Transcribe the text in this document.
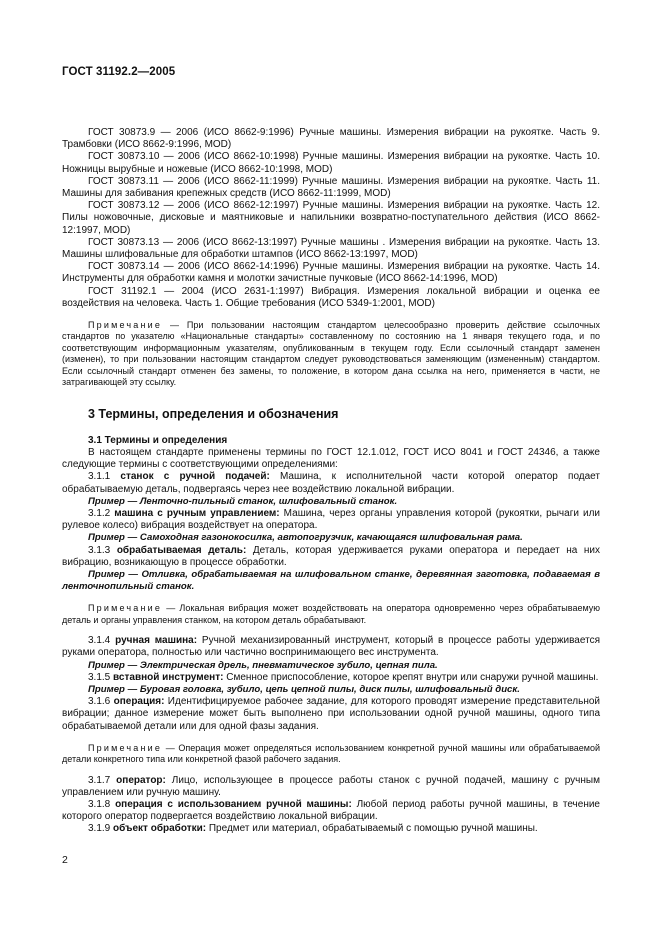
ГОСТ 31192.2—2005

ГОСТ 30873.9 — 2006 (ИСО 8662-9:1996) Ручные машины. Измерения вибрации на рукоятке. Часть 9. Трамбовки (ИСО 8662-9:1996, MOD)

ГОСТ 30873.10 — 2006 (ИСО 8662-10:1998) Ручные машины. Измерения вибрации на рукоятке. Часть 10. Ножницы вырубные и ножевые (ИСО 8662-10:1998, MOD)

ГОСТ 30873.11 — 2006 (ИСО 8662-11:1999) Ручные машины. Измерения вибрации на рукоятке. Часть 11. Машины для забивания крепежных средств (ИСО 8662-11:1999, MOD)

ГОСТ 30873.12 — 2006 (ИСО 8662-12:1997) Ручные машины. Измерения вибрации на рукоятке. Часть 12. Пилы ножовочные, дисковые и маятниковые и напильники возвратно-поступательного действия (ИСО 8662-12:1997, MOD)

ГОСТ 30873.13 — 2006 (ИСО 8662-13:1997) Ручные машины . Измерения вибрации на рукоятке. Часть 13. Машины шлифовальные для обработки штампов (ИСО 8662-13:1997, MOD)

ГОСТ 30873.14 — 2006 (ИСО 8662-14:1996) Ручные машины. Измерения вибрации на рукоятке. Часть 14. Инструменты для обработки камня и молотки зачистные пучковые (ИСО 8662-14:1996, MOD)

ГОСТ 31192.1 — 2004 (ИСО 2631-1:1997) Вибрация. Измерения локальной вибрации и оценка ее воздействия на человека. Часть 1. Общие требования (ИСО 5349-1:2001, MOD)

Примечание — При пользовании настоящим стандартом целесообразно проверить действие ссылочных стандартов по указателю «Национальные стандарты» составленному по состоянию на 1 января текущего года, и по соответствующим информационным указателям, опубликованным в текущем году. Если ссылочный стандарт заменен (изменен), то при пользовании настоящим стандартом следует руководствоваться заменяющим (измененным) стандартом. Если ссылочный стандарт отменен без замены, то положение, в котором дана ссылка на него, применяется в части, не затрагивающей эту ссылку.

3 Термины, определения и обозначения

3.1 Термины и определения

В настоящем стандарте применены термины по ГОСТ 12.1.012, ГОСТ ИСО 8041 и ГОСТ 24346, а также следующие термины с соответствующими определениями:

3.1.1 станок с ручной подачей: Машина, к исполнительной части которой оператор подает обрабатываемую деталь, подвергаясь через нее воздействию локальной вибрации.

Пример — Ленточно-пильный станок, шлифовальный станок.

3.1.2 машина с ручным управлением: Машина, через органы управления которой (рукоятки, рычаги или рулевое колесо) вибрация воздействует на оператора.

Пример — Самоходная газонокосилка, автопогрузчик, качающаяся шлифовальная рама.

3.1.3 обрабатываемая деталь: Деталь, которая удерживается руками оператора и передает на них вибрацию, возникающую в процессе обработки.

Пример — Отливка, обрабатываемая на шлифовальном станке, деревянная заготовка, подаваемая в ленточнопильный станок.

Примечание — Локальная вибрация может воздействовать на оператора одновременно через обрабатываемую деталь и органы управления станком, на котором деталь обрабатывают.

3.1.4 ручная машина: Ручной механизированный инструмент, который в процессе работы удерживается руками оператора, полностью или частично воспринимающего вес инструмента.

Пример — Электрическая дрель, пневматическое зубило, цепная пила.

3.1.5 вставной инструмент: Сменное приспособление, которое крепят внутри или снаружи ручной машины.

Пример — Буровая головка, зубило, цепь цепной пилы, диск пилы, шлифовальный диск.

3.1.6 операция: Идентифицируемое рабочее задание, для которого проводят измерение представительной вибрации; данное измерение может быть выполнено при использовании одной ручной машины, одного типа обрабатываемой детали или для одной фазы задания.

Примечание — Операция может определяться использованием конкретной ручной машины или обрабатываемой детали конкретного типа или конкретной фазой рабочего задания.

3.1.7 оператор: Лицо, использующее в процессе работы станок с ручной подачей, машину с ручным управлением или ручную машину.

3.1.8 операция с использованием ручной машины: Любой период работы ручной машины, в течение которого оператор подвергается воздействию локальной вибрации.

3.1.9 объект обработки: Предмет или материал, обрабатываемый с помощью ручной машины.

2
